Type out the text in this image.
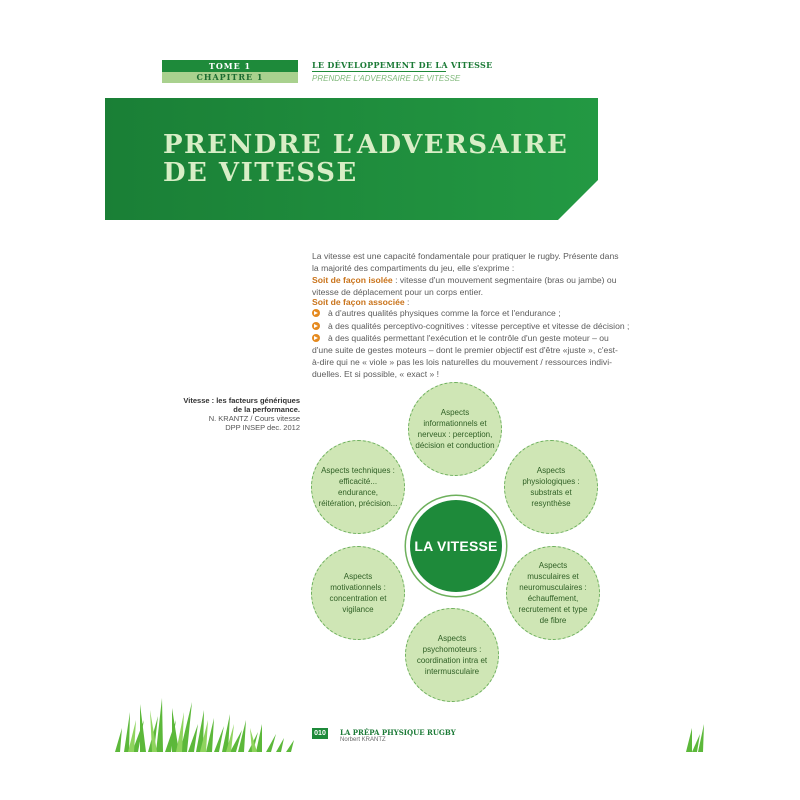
TOME 1
CHAPITRE 1
LE DÉVELOPPEMENT DE LA VITESSE
PRENDRE L'ADVERSAIRE DE VITESSE
PRENDRE L’ADVERSAIRE
DE VITESSE
La vitesse est une capacité fondamentale pour pratiquer le rugby. Présente dans
la majorité des compartiments du jeu, elle s'exprime :
Soit de façon isolée : vitesse d'un mouvement segmentaire (bras ou jambe) ou
vitesse de déplacement pour un corps entier.
Soit de façon associée :
à d'autres qualités physiques comme la force et l'endurance ;
à des qualités perceptivo-cognitives : vitesse perceptive et vitesse de décision ;
à des qualités permettant l'exécution et le contrôle d'un geste moteur – ou
d'une suite de gestes moteurs – dont le premier objectif est d'être «juste », c'est-
à-dire qui ne « viole » pas les lois naturelles du mouvement / ressources indivi-
duelles. Et si possible, « exact » !
Vitesse : les facteurs génériques
de la performance.
N. KRANTZ / Cours vitesse
DPP INSEP dec. 2012
Aspects
informationnels et
nerveux : perception,
décision et conduction
Aspects physiologiques :
substrats et resynthèse
Aspects
musculaires et
neuromusculaires :
échauffement,
recrutement et type
de fibre
Aspects
psychomoteurs :
coordination intra et
intermusculaire
Aspects motivationnels :
concentration et vigilance
Aspects techniques :
efficacité... endurance,
réitération, précision...
LA VITESSE
010	LA PRÉPA PHYSIQUE RUGBY
Norbert KRANTZ
